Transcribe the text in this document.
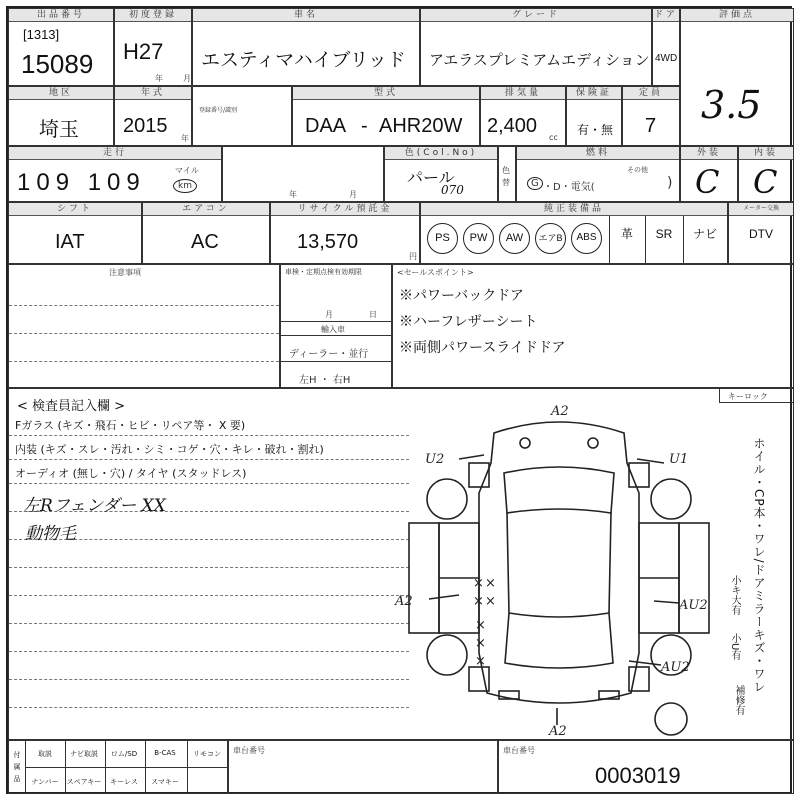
出品番号
[1313]
15089
初度登録
H27
年	月
車名
エスティマハイブリッド
グレード
アエラスプレミアムエディション
ドア
4WD
評価点
3.5
地区
埼玉
年式
2015
年
登録番号/識別
型式
DAA - AHR20W
排気量
2,400
cc
保険証
有・無
定員
7
走行
109 109	マイル
km
年	月
色(Col.No)
パール
070
色替
燃料
G ・D・電気(
その他
)
外装
C
内装
C
シフト
IAT
エアコン
AC
リサイクル預託金
13,570
円
純正装備品
PS	PW	AW	エアB	ABS	革	SR	ナビ
メーター交換
DTV
注意事項	車検・定期点検有効期限
月	日
輸入車
ディーラー・並行
左H ・ 右H
<セールスポイント>
※パワーバックドア
※ハーフレザーシート
※両側パワースライドドア
< 検査員記入欄 >
Fガラス (キズ・飛石・ヒビ・リペア等・ X 要)
内装 (キズ・スレ・汚れ・シミ・コゲ・穴・キレ・破れ・割れ)
オーディオ (無し・穴) / タイヤ (スタッドレス)
左Rフェンダー XX
動物毛
A2
U2	U1
A2	AU2
AU2
A2
× ×
× ×
×
×
×
キーロック
ホイル・CP本・ワレ/ドアミラーキズ・ワレ
小キ大有
小U有
補修有
付属品
取説	ナビ取説	ロム/SD	B-CAS	リモコン
ナンバー	スペアキー	キーレス	スマキー
車台番号	車台番号
0003019
